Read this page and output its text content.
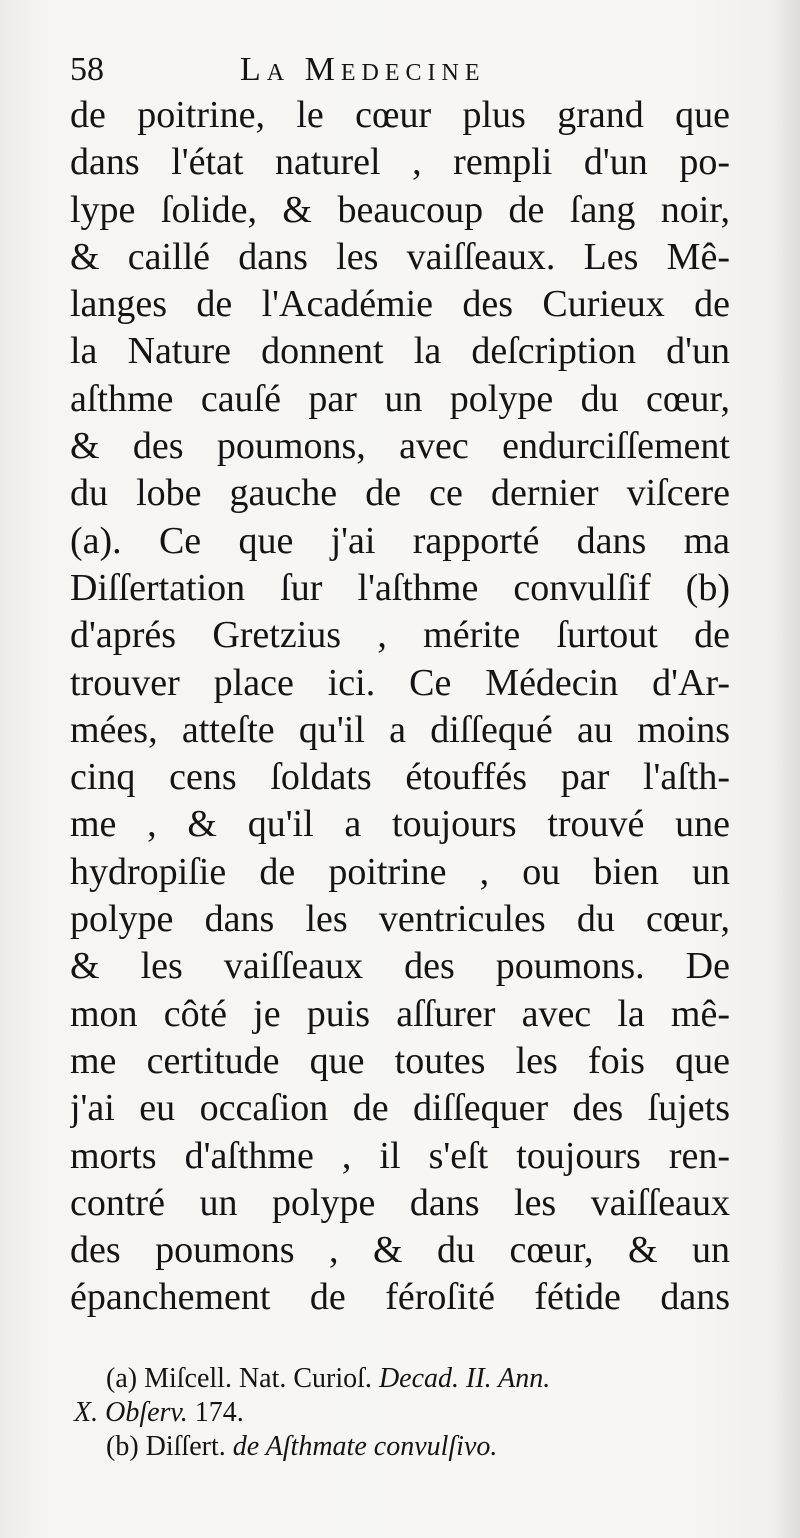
58	La Medecine
de poitrine, le cœur plus grand que
dans l'état naturel , rempli d'un po-
lype ſolide, & beaucoup de ſang noir,
& caillé dans les vaiſſeaux. Les Mê-
langes de l'Académie des Curieux de
la Nature donnent la deſcription d'un
aſthme cauſé par un polype du cœur,
& des poumons, avec endurciſſement
du lobe gauche de ce dernier viſcere
(a). Ce que j'ai rapporté dans ma
Diſſertation ſur l'aſthme convulſif (b)
d'aprés Gretzius , mérite ſurtout de
trouver place ici. Ce Médecin d'Ar-
mées, atteſte qu'il a diſſequé au moins
cinq cens ſoldats étouffés par l'aſth-
me , & qu'il a toujours trouvé une
hydropiſie de poitrine , ou bien un
polype dans les ventricules du cœur,
& les vaiſſeaux des poumons. De
mon côté je puis aſſurer avec la mê-
me certitude que toutes les fois que
j'ai eu occaſion de diſſequer des ſujets
morts d'aſthme , il s'eſt toujours ren-
contré un polype dans les vaiſſeaux
des poumons , & du cœur, & un
épanchement de féroſité fétide dans
(a) Miſcell. Nat. Curioſ. Decad. II. Ann.
X. Obſerv. 174.
(b) Diſſert. de Aſthmate convulſivo.
